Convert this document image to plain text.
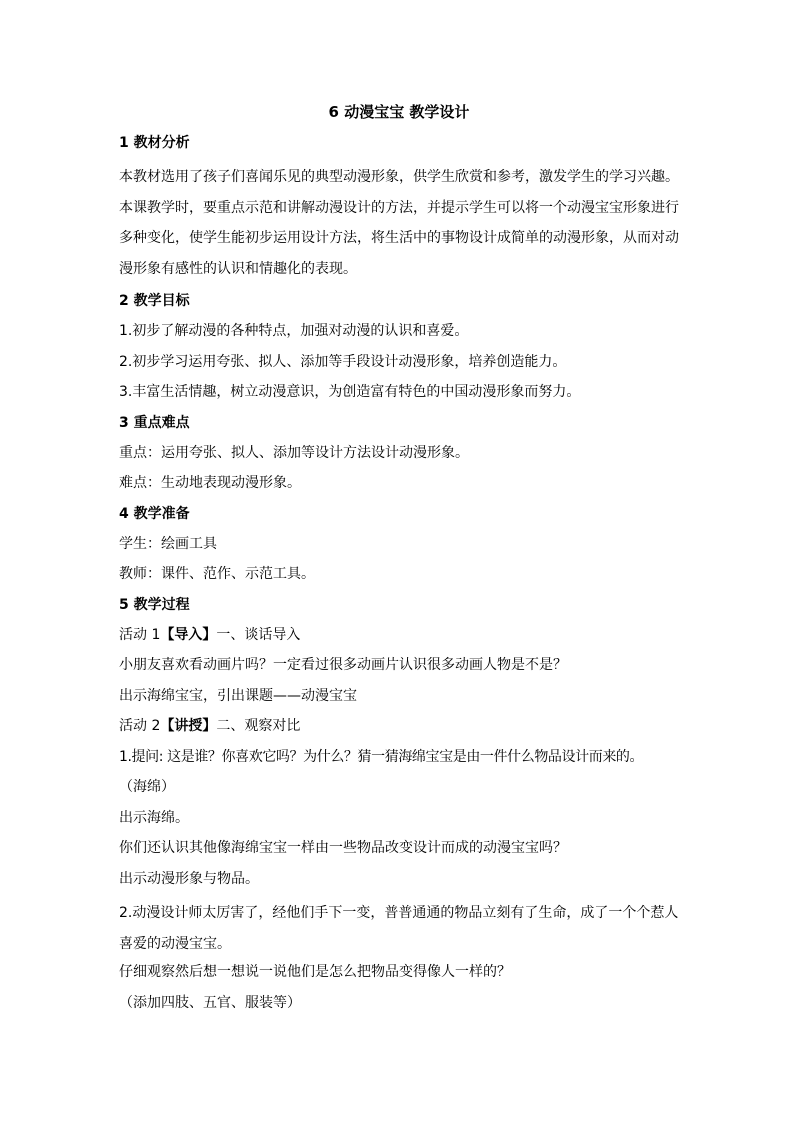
6 动漫宝宝 教学设计
1 教材分析
本教材选用了孩子们喜闻乐见的典型动漫形象，供学生欣赏和参考，激发学生的学习兴趣。本课教学时，要重点示范和讲解动漫设计的方法，并提示学生可以将一个动漫宝宝形象进行多种变化，使学生能初步运用设计方法，将生活中的事物设计成简单的动漫形象，从而对动漫形象有感性的认识和情趣化的表现。
2 教学目标
1.初步了解动漫的各种特点，加强对动漫的认识和喜爱。
2.初步学习运用夸张、拟人、添加等手段设计动漫形象，培养创造能力。
3.丰富生活情趣，树立动漫意识，为创造富有特色的中国动漫形象而努力。
3 重点难点
重点：运用夸张、拟人、添加等设计方法设计动漫形象。
难点：生动地表现动漫形象。
4 教学准备
学生：绘画工具
教师：课件、范作、示范工具。
5 教学过程
活动 1【导入】一、谈话导入
小朋友喜欢看动画片吗？一定看过很多动画片认识很多动画人物是不是？
出示海绵宝宝，引出课题——动漫宝宝
活动 2【讲授】二、观察对比
1.提问: 这是谁？你喜欢它吗？为什么？猜一猜海绵宝宝是由一件什么物品设计而来的。
（海绵）
出示海绵。
你们还认识其他像海绵宝宝一样由一些物品改变设计而成的动漫宝宝吗？
出示动漫形象与物品。
2.动漫设计师太厉害了，经他们手下一变，普普通通的物品立刻有了生命，成了一个个惹人喜爱的动漫宝宝。
仔细观察然后想一想说一说他们是怎么把物品变得像人一样的？
（添加四肢、五官、服装等）
